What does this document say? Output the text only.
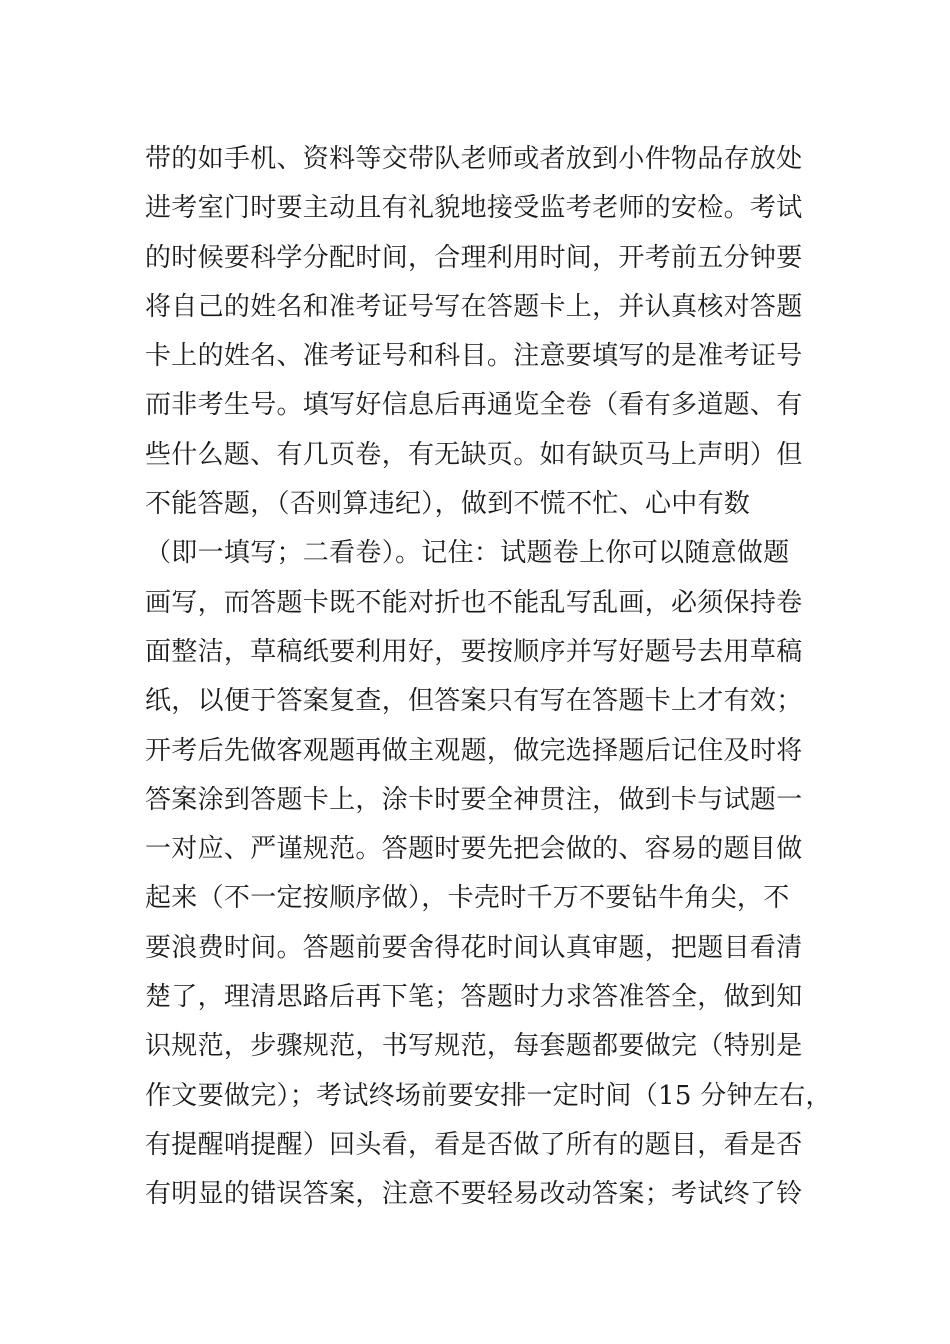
带的如手机、资料等交带队老师或者放到小件物品存放处
进考室门时要主动且有礼貌地接受监考老师的安检。考试
的时候要科学分配时间，合理利用时间，开考前五分钟要
将自己的姓名和准考证号写在答题卡上，并认真核对答题
卡上的姓名、准考证号和科目。注意要填写的是准考证号
而非考生号。填写好信息后再通览全卷（看有多道题、有
些什么题、有几页卷，有无缺页。如有缺页马上声明）但
不能答题，（否则算违纪），做到不慌不忙、心中有数
（即一填写；二看卷）。记住：试题卷上你可以随意做题
画写，而答题卡既不能对折也不能乱写乱画，必须保持卷
面整洁，草稿纸要利用好，要按顺序并写好题号去用草稿
纸，以便于答案复查，但答案只有写在答题卡上才有效；
开考后先做客观题再做主观题，做完选择题后记住及时将
答案涂到答题卡上，涂卡时要全神贯注，做到卡与试题一
一对应、严谨规范。答题时要先把会做的、容易的题目做
起来（不一定按顺序做），卡壳时千万不要钻牛角尖，不
要浪费时间。答题前要舍得花时间认真审题，把题目看清
楚了，理清思路后再下笔；答题时力求答准答全，做到知
识规范，步骤规范，书写规范，每套题都要做完（特别是
作文要做完）；考试终场前要安排一定时间（15 分钟左右，
有提醒哨提醒）回头看，看是否做了所有的题目，看是否
有明显的错误答案，注意不要轻易改动答案；考试终了铃
